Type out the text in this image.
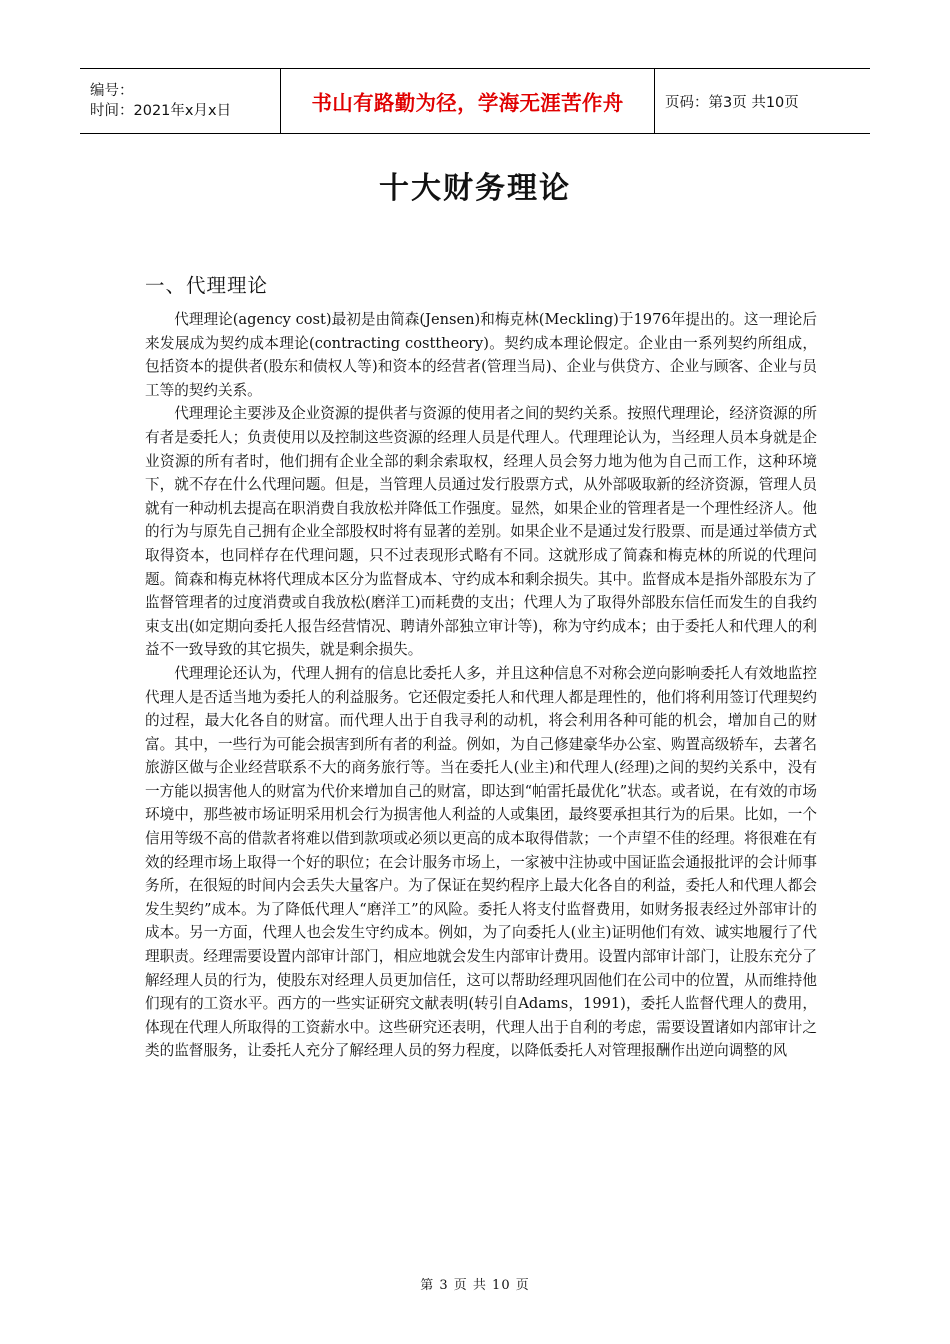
编号：
时间：2021年x月x日	书山有路勤为径，学海无涯苦作舟	页码：第3页 共10页
十大财务理论
一、代理理论

代理理论(agency cost)最初是由简森(Jensen)和梅克林(Meckling)于1976年提出的。这一理论后来发展成为契约成本理论(contracting costtheory)。契约成本理论假定。企业由一系列契约所组成，包括资本的提供者(股东和债权人等)和资本的经营者(管理当局)、企业与供贷方、企业与顾客、企业与员工等的契约关系。

代理理论主要涉及企业资源的提供者与资源的使用者之间的契约关系。按照代理理论，经济资源的所有者是委托人；负责使用以及控制这些资源的经理人员是代理人。代理理论认为，当经理人员本身就是企业资源的所有者时，他们拥有企业全部的剩余索取权，经理人员会努力地为他为自己而工作，这种环境下，就不存在什么代理问题。但是，当管理人员通过发行股票方式，从外部吸取新的经济资源，管理人员就有一种动机去提高在职消费自我放松并降低工作强度。显然，如果企业的管理者是一个理性经济人。他的行为与原先自己拥有企业全部股权时将有显著的差别。如果企业不是通过发行股票、而是通过举债方式取得资本，也同样存在代理问题，只不过表现形式略有不同。这就形成了简森和梅克林的所说的代理问题。简森和梅克林将代理成本区分为监督成本、守约成本和剩余损失。其中。监督成本是指外部股东为了监督管理者的过度消费或自我放松(磨洋工)而耗费的支出；代理人为了取得外部股东信任而发生的自我约束支出(如定期向委托人报告经营情况、聘请外部独立审计等)，称为守约成本；由于委托人和代理人的利益不一致导致的其它损失，就是剩余损失。

代理理论还认为，代理人拥有的信息比委托人多，并且这种信息不对称会逆向影响委托人有效地监控代理人是否适当地为委托人的利益服务。它还假定委托人和代理人都是理性的，他们将利用签订代理契约的过程，最大化各自的财富。而代理人出于自我寻利的动机，将会利用各种可能的机会，增加自己的财富。其中，一些行为可能会损害到所有者的利益。例如，为自己修建豪华办公室、购置高级轿车，去著名旅游区做与企业经营联系不大的商务旅行等。当在委托人(业主)和代理人(经理)之间的契约关系中，没有一方能以损害他人的财富为代价来增加自己的财富，即达到“帕雷托最优化”状态。或者说，在有效的市场环境中，那些被市场证明采用机会行为损害他人利益的人或集团，最终要承担其行为的后果。比如，一个信用等级不高的借款者将难以借到款项或必须以更高的成本取得借款；一个声望不佳的经理。将很难在有效的经理市场上取得一个好的职位；在会计服务市场上，一家被中注协或中国证监会通报批评的会计师事务所，在很短的时间内会丢失大量客户。为了保证在契约程序上最大化各自的利益，委托人和代理人都会发生契约”成本。为了降低代理人“磨洋工”的风险。委托人将支付监督费用，如财务报表经过外部审计的成本。另一方面，代理人也会发生守约成本。例如，为了向委托人(业主)证明他们有效、诚实地履行了代理职责。经理需要设置内部审计部门，相应地就会发生内部审计费用。设置内部审计部门，让股东充分了解经理人员的行为，使股东对经理人员更加信任，这可以帮助经理巩固他们在公司中的位置，从而维持他们现有的工资水平。西方的一些实证研究文献表明(转引自Adams，1991)，委托人监督代理人的费用，体现在代理人所取得的工资薪水中。这些研究还表明，代理人出于自利的考虑，需要设置诸如内部审计之类的监督服务，让委托人充分了解经理人员的努力程度，以降低委托人对管理报酬作出逆向调整的风

第 3 页 共 10 页
